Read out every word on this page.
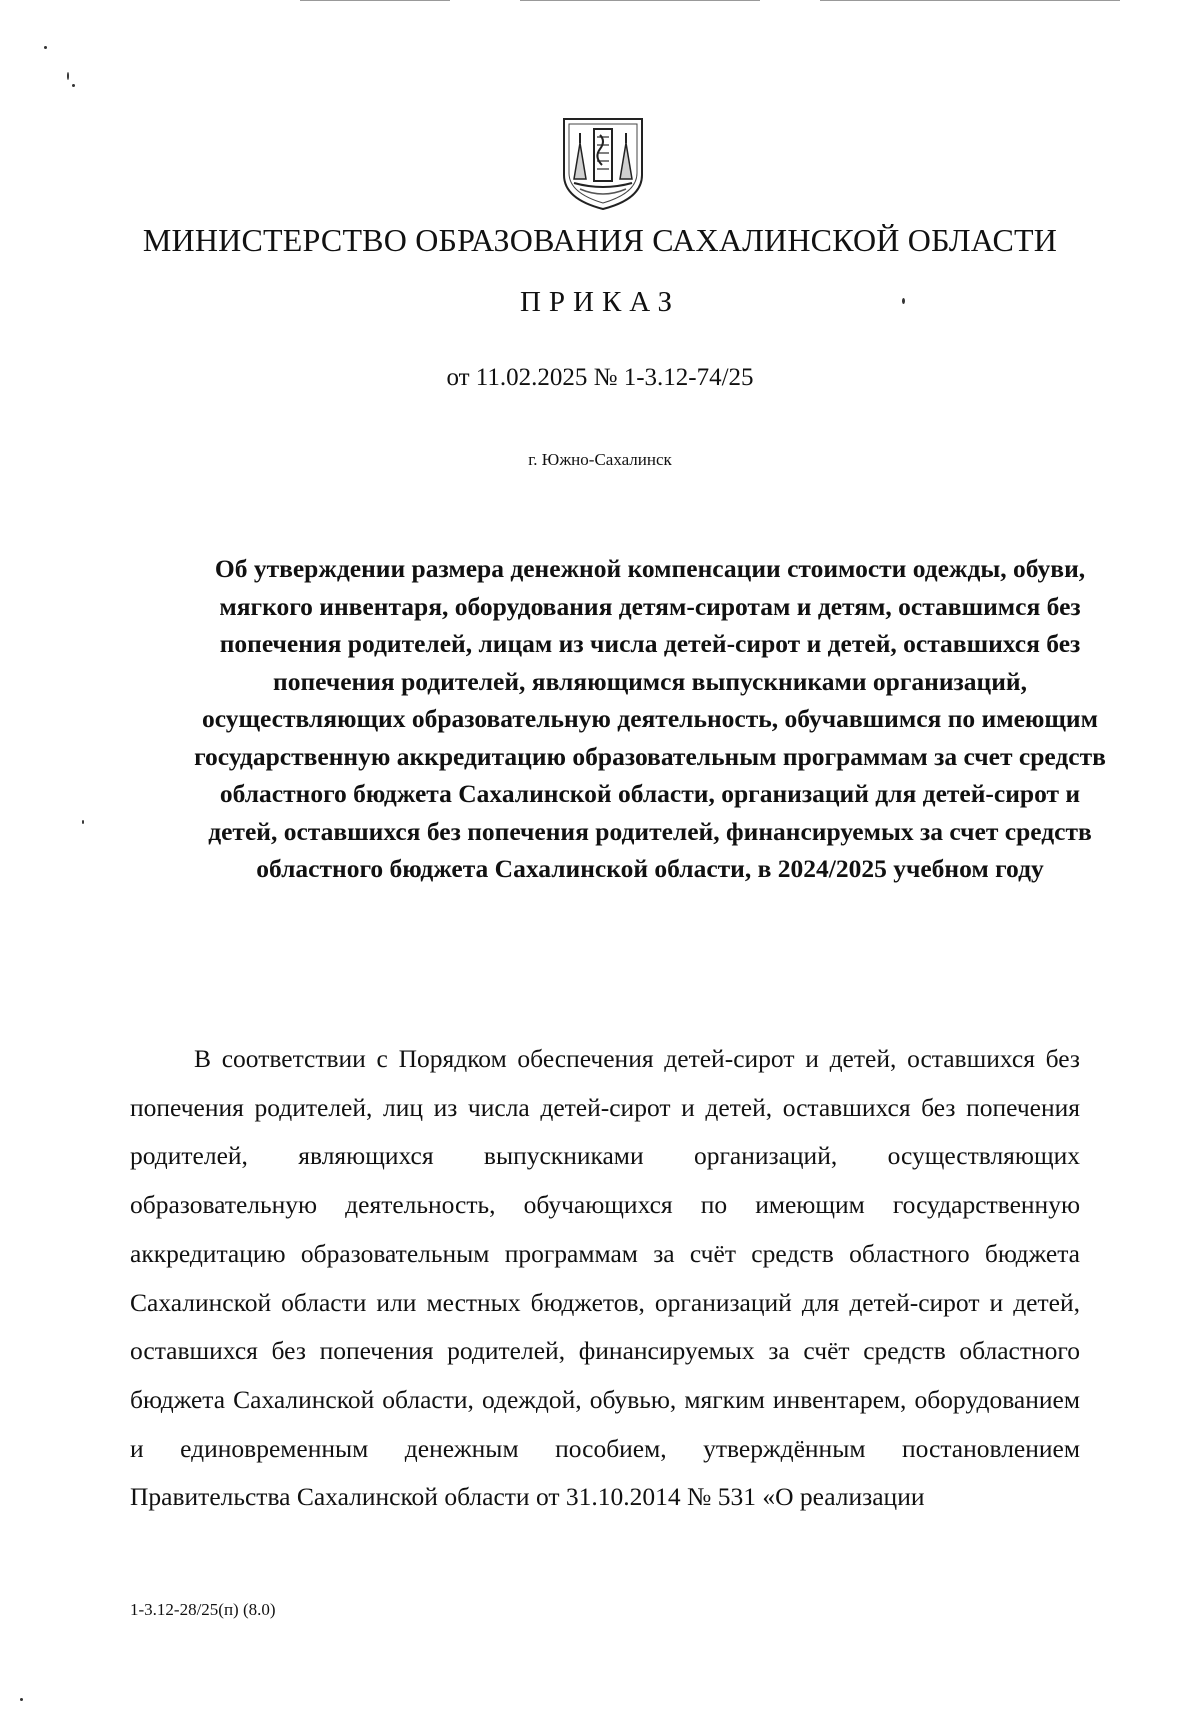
МИНИСТЕРСТВО ОБРАЗОВАНИЯ САХАЛИНСКОЙ ОБЛАСТИ
ПРИКАЗ
от 11.02.2025 № 1-3.12-74/25
г. Южно-Сахалинск

Об утверждении размера денежной компенсации стоимости одежды, обуви, мягкого инвентаря, оборудования детям-сиротам и детям, оставшимся без попечения родителей, лицам из числа детей-сирот и детей, оставшихся без попечения родителей, являющимся выпускниками организаций, осуществляющих образовательную деятельность, обучавшимся по имеющим государственную аккредитацию образовательным программам за счет средств областного бюджета Сахалинской области, организаций для детей-сирот и детей, оставшихся без попечения родителей, финансируемых за счет средств областного бюджета Сахалинской области, в 2024/2025 учебном году

В соответствии с Порядком обеспечения детей-сирот и детей, оставшихся без попечения родителей, лиц из числа детей-сирот и детей, оставшихся без попечения родителей, являющихся выпускниками организаций, осуществляющих образовательную деятельность, обучающихся по имеющим государственную аккредитацию образовательным программам за счёт средств областного бюджета Сахалинской области или местных бюджетов, организаций для детей-сирот и детей, оставшихся без попечения родителей, финансируемых за счёт средств областного бюджета Сахалинской области, одеждой, обувью, мягким инвентарем, оборудованием и единовременным денежным пособием, утверждённым постановлением Правительства Сахалинской области от 31.10.2014 № 531 «О реализации

1-3.12-28/25(п) (8.0)
